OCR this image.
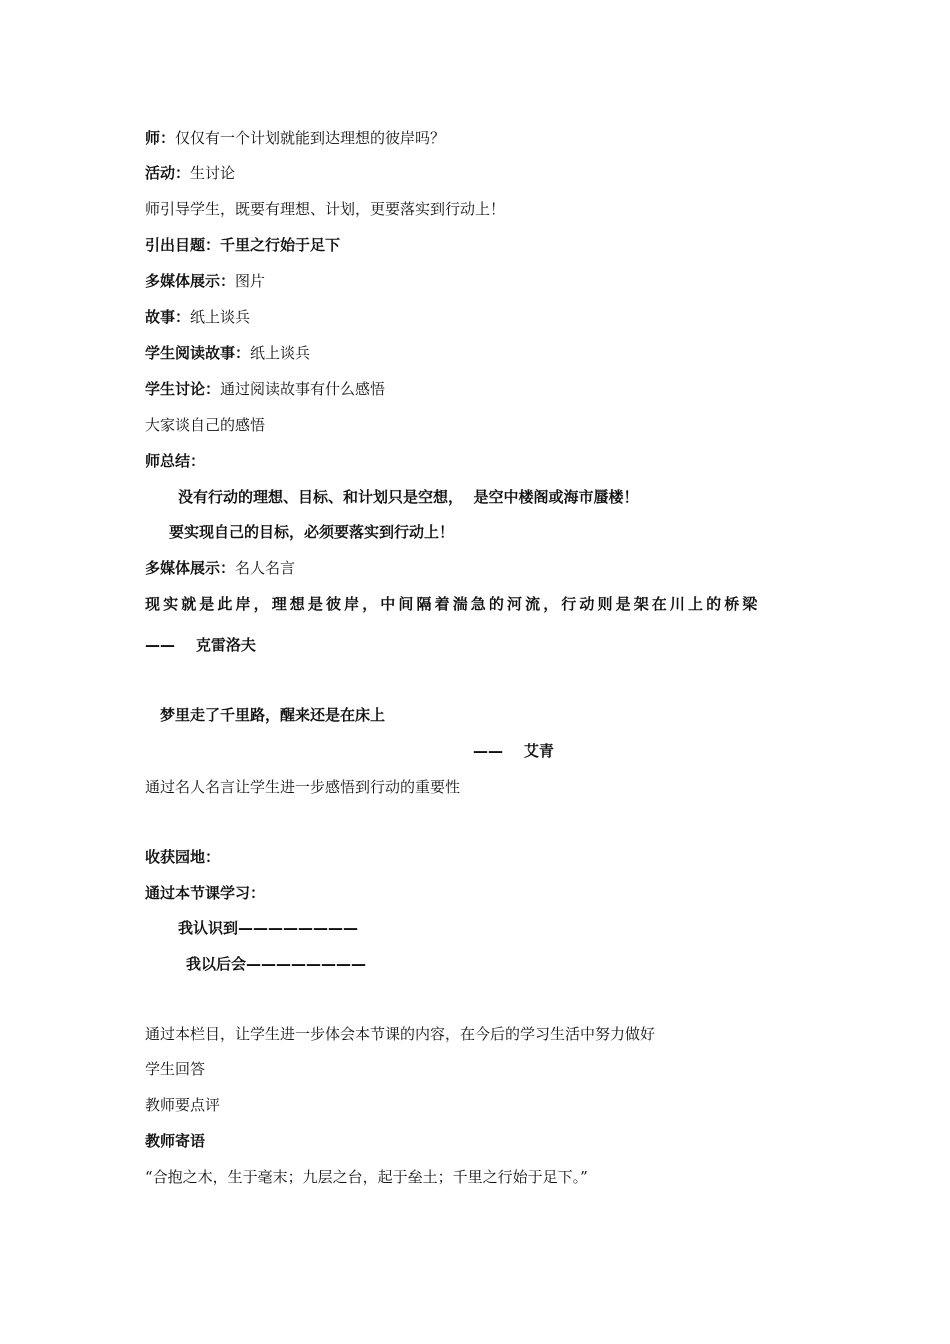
师：仅仅有一个计划就能到达理想的彼岸吗？
活动：生讨论
师引导学生，既要有理想、计划，更要落实到行动上！
引出目题：千里之行始于足下
多媒体展示：图片
故事：纸上谈兵
学生阅读故事：纸上谈兵
学生讨论：通过阅读故事有什么感悟
大家谈自己的感悟
师总结：
没有行动的理想、目标、和计划只是空想，  是空中楼阁或海市蜃楼！
要实现自己的目标，必须要落实到行动上！
多媒体展示：名人名言
现实就是此岸，理想是彼岸，中间隔着湍急的河流，行动则是架在川上的桥梁
——    克雷洛夫
梦里走了千里路，醒来还是在床上
——    艾青
通过名人名言让学生进一步感悟到行动的重要性
收获园地：
通过本节课学习：
我认识到————————
我以后会————————
通过本栏目，让学生进一步体会本节课的内容，在今后的学习生活中努力做好
学生回答
教师要点评
教师寄语
“合抱之木，生于毫末；九层之台，起于垒土；千里之行始于足下。”
